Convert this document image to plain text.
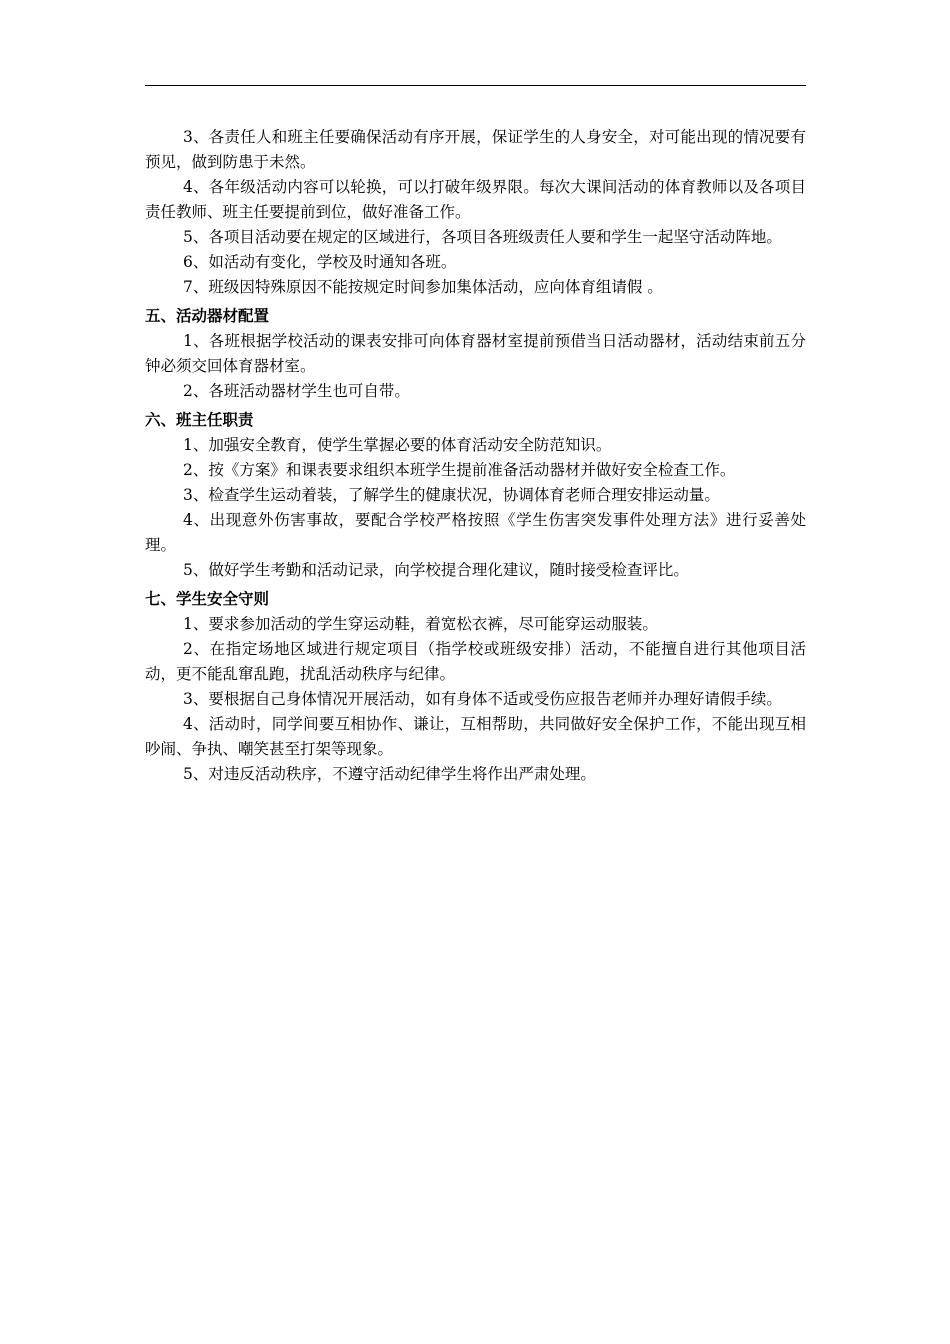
3、各责任人和班主任要确保活动有序开展，保证学生的人身安全，对可能出现的情况要有预见，做到防患于未然。

4、各年级活动内容可以轮换，可以打破年级界限。每次大课间活动的体育教师以及各项目责任教师、班主任要提前到位，做好准备工作。

5、各项目活动要在规定的区域进行，各项目各班级责任人要和学生一起坚守活动阵地。

6、如活动有变化，学校及时通知各班。

7、班级因特殊原因不能按规定时间参加集体活动，应向体育组请假 。

五、活动器材配置

1、各班根据学校活动的课表安排可向体育器材室提前预借当日活动器材，活动结束前五分钟必须交回体育器材室。

2、各班活动器材学生也可自带。

六、班主任职责

1、加强安全教育，使学生掌握必要的体育活动安全防范知识。

2、按《方案》和课表要求组织本班学生提前准备活动器材并做好安全检查工作。

3、检查学生运动着装，了解学生的健康状况，协调体育老师合理安排运动量。

4、出现意外伤害事故，要配合学校严格按照《学生伤害突发事件处理方法》进行妥善处理。

5、做好学生考勤和活动记录，向学校提合理化建议，随时接受检查评比。

七、学生安全守则

1、要求参加活动的学生穿运动鞋，着宽松衣裤，尽可能穿运动服装。

2、在指定场地区域进行规定项目（指学校或班级安排）活动，不能擅自进行其他项目活动，更不能乱窜乱跑，扰乱活动秩序与纪律。

3、要根据自己身体情况开展活动，如有身体不适或受伤应报告老师并办理好请假手续。

4、活动时，同学间要互相协作、谦让，互相帮助，共同做好安全保护工作，不能出现互相吵闹、争执、嘲笑甚至打架等现象。

5、对违反活动秩序，不遵守活动纪律学生将作出严肃处理。
